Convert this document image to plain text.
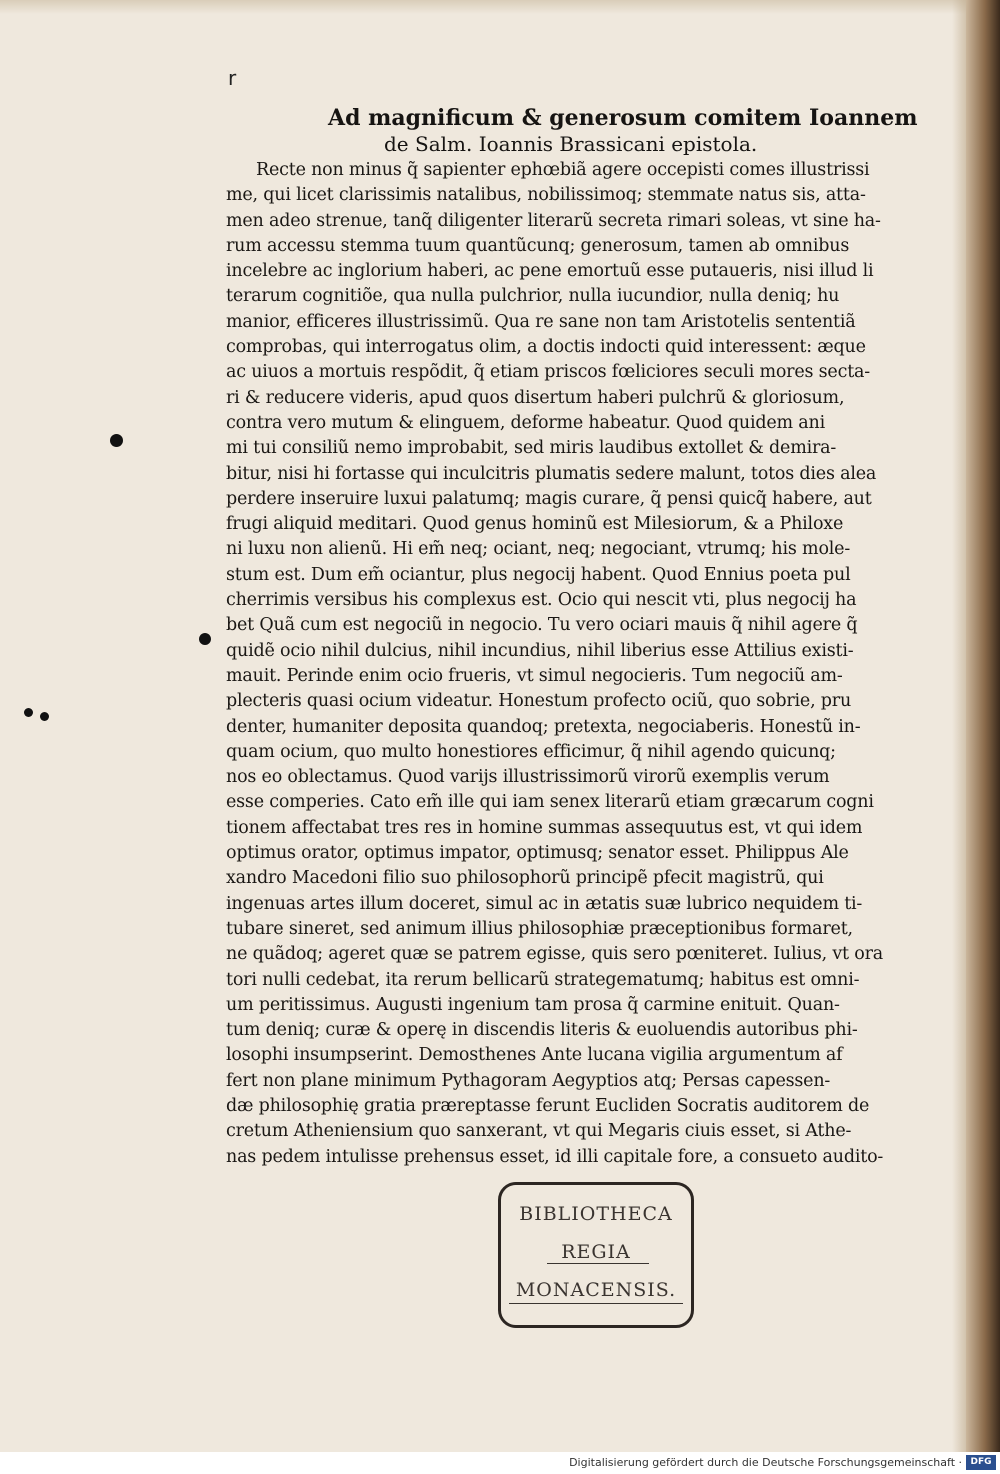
r
Ad magnificum & generosum comitem Ioannem
de Salm. Ioannis Brassicani epistola.
Recte non minus q̃ sapienter ephœbiã agere occepisti comes illustrissi
me, qui licet clarissimis natalibus, nobilissimoq; stemmate natus sis, atta-
men adeo strenue, tanq̃ diligenter literarũ secreta rimari soleas, vt sine ha-
rum accessu stemma tuum quantũcunq; generosum, tamen ab omnibus
incelebre ac inglorium haberi, ac pene emortuũ esse putaueris, nisi illud li
terarum cognitiõe, qua nulla pulchrior, nulla iucundior, nulla deniq; hu
manior, efficeres illustrissimũ. Qua re sane non tam Aristotelis sententiã
comprobas, qui interrogatus olim, a doctis indocti quid interessent: æque
ac uiuos a mortuis respõdit, q̃ etiam priscos fœliciores seculi mores secta-
ri & reducere videris, apud quos disertum haberi pulchrũ & gloriosum,
contra vero mutum & elinguem, deforme habeatur. Quod quidem ani
mi tui consiliũ nemo improbabit, sed miris laudibus extollet & demira-
bitur, nisi hi fortasse qui inculcitris plumatis sedere malunt, totos dies alea
perdere inseruire luxui palatumq; magis curare, q̃ pensi quicq̃ habere, aut
frugi aliquid meditari. Quod genus hominũ est Milesiorum, & a Philoxe
ni luxu non alienũ. Hi em̃ neq; ociant, neq; negociant, vtrumq; his mole-
stum est. Dum em̃ ociantur, plus negocij habent. Quod Ennius poeta pul
cherrimis versibus his complexus est. Ocio qui nescit vti, plus negocij ha
bet Quã cum est negociũ in negocio. Tu vero ociari mauis q̃ nihil agere q̃
quidẽ ocio nihil dulcius, nihil incundius, nihil liberius esse Attilius existi-
mauit. Perinde enim ocio frueris, vt simul negocieris. Tum negociũ am-
plecteris quasi ocium videatur. Honestum profecto ociũ, quo sobrie, pru
denter, humaniter deposita quandoq; pretexta, negociaberis. Honestũ in-
quam ocium, quo multo honestiores efficimur, q̃ nihil agendo quicunq;
nos eo oblectamus. Quod varijs illustrissimorũ virorũ exemplis verum
esse comperies. Cato em̃ ille qui iam senex literarũ etiam græcarum cogni
tionem affectabat tres res in homine summas assequutus est, vt qui idem
optimus orator, optimus impator, optimusq; senator esset. Philippus Ale
xandro Macedoni filio suo philosophorũ principẽ pfecit magistrũ, qui
ingenuas artes illum doceret, simul ac in ætatis suæ lubrico nequidem ti-
tubare sineret, sed animum illius philosophiæ præceptionibus formaret,
ne quãdoq; ageret quæ se patrem egisse, quis sero pœniteret. Iulius, vt ora
tori nulli cedebat, ita rerum bellicarũ strategematumq; habitus est omni-
um peritissimus. Augusti ingenium tam prosa q̃ carmine enituit. Quan-
tum deniq; curæ & operę in discendis literis & euoluendis autoribus phi-
losophi insumpserint. Demosthenes Ante lucana vigilia argumentum af
fert non plane minimum Pythagoram Aegyptios atq; Persas capessen-
dæ philosophię gratia præreptasse ferunt Eucliden Socratis auditorem de
cretum Atheniensium quo sanxerant, vt qui Megaris ciuis esset, si Athe-
nas pedem intulisse prehensus esset, id illi capitale fore, a consueto audito-
BIBLIOTHECA
REGIA
MONACENSIS.
Digitalisierung gefördert durch die Deutsche Forschungsgemeinschaft · DFG
